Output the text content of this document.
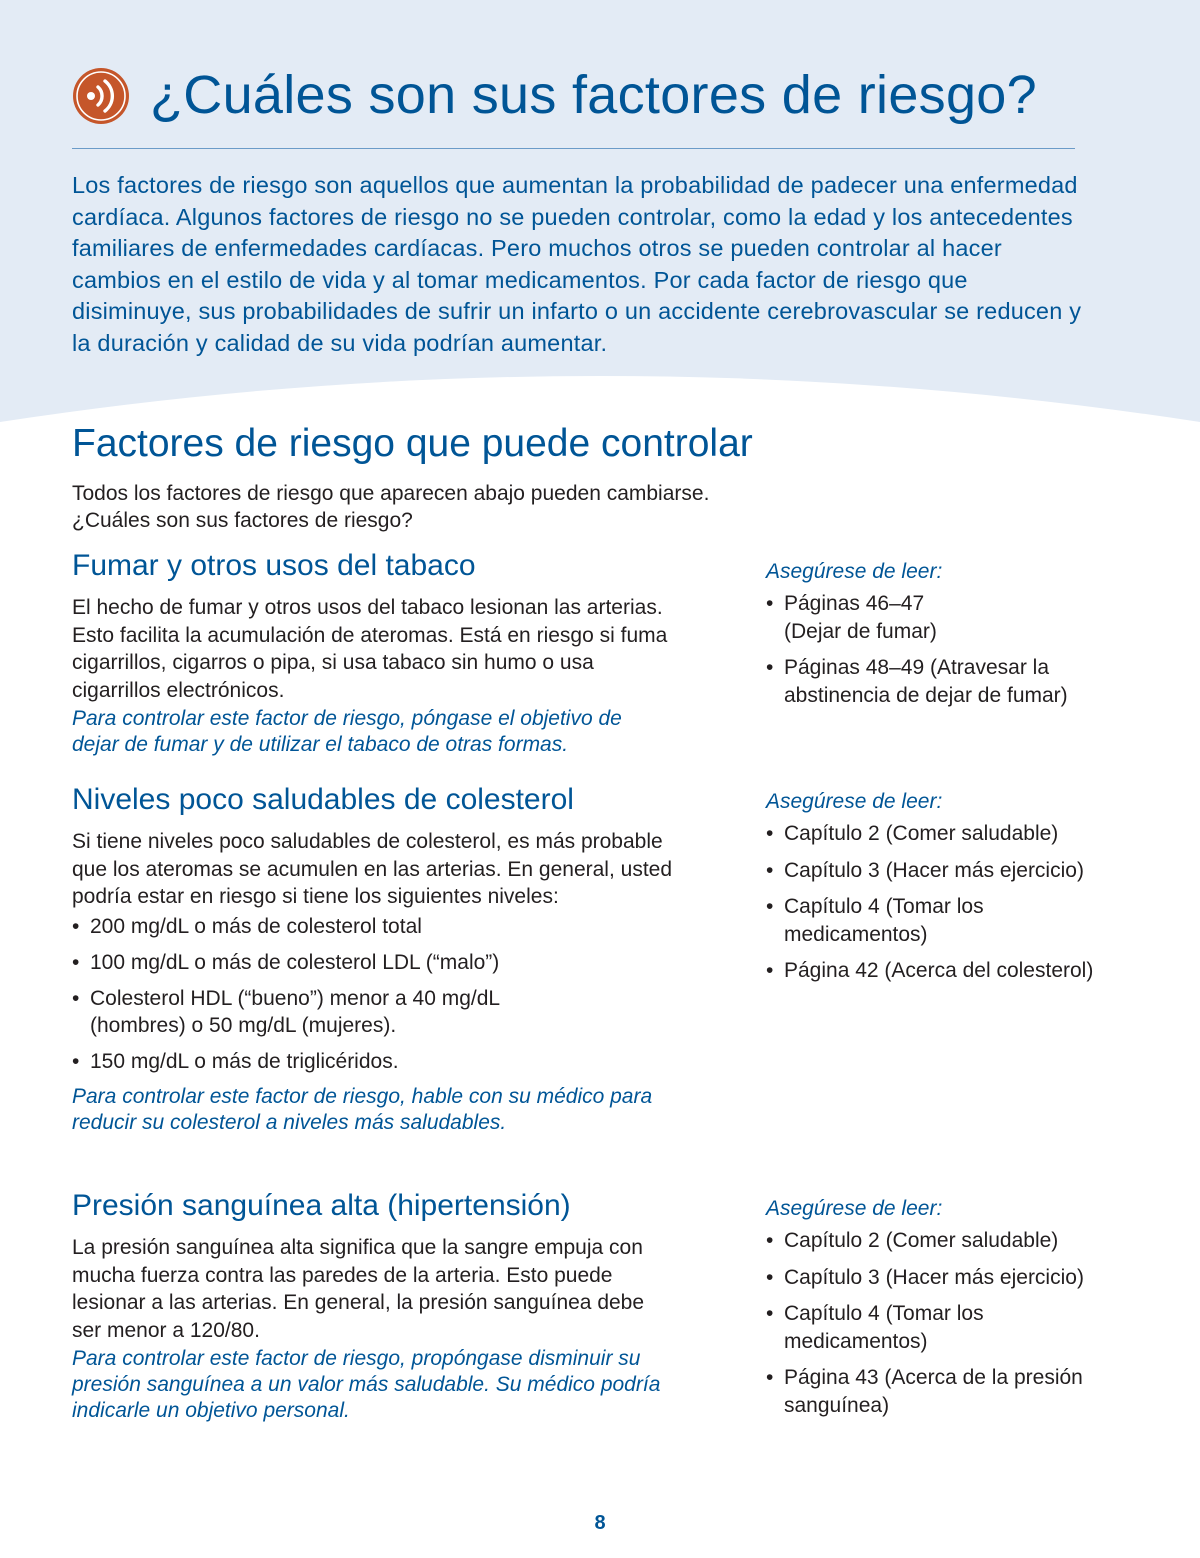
¿Cuáles son sus factores de riesgo?

Los factores de riesgo son aquellos que aumentan la probabilidad de padecer una enfermedad cardíaca. Algunos factores de riesgo no se pueden controlar, como la edad y los antecedentes familiares de enfermedades cardíacas. Pero muchos otros se pueden controlar al hacer cambios en el estilo de vida y al tomar medicamentos. Por cada factor de riesgo que disiminuye, sus probabilidades de sufrir un infarto o un accidente cerebrovascular se reducen y la duración y calidad de su vida podrían aumentar.

Factores de riesgo que puede controlar

Todos los factores de riesgo que aparecen abajo pueden cambiarse.
¿Cuáles son sus factores de riesgo?

Fumar y otros usos del tabaco

El hecho de fumar y otros usos del tabaco lesionan las arterias. Esto facilita la acumulación de ateromas. Está en riesgo si fuma cigarrillos, cigarros o pipa, si usa tabaco sin humo o usa cigarrillos electrónicos.

Para controlar este factor de riesgo, póngase el objetivo de dejar de fumar y de utilizar el tabaco de otras formas.

Asegúrese de leer:

• Páginas 46–47 (Dejar de fumar)
• Páginas 48–49 (Atravesar la abstinencia de dejar de fumar)
Niveles poco saludables de colesterol

Si tiene niveles poco saludables de colesterol, es más probable que los ateromas se acumulen en las arterias. En general, usted podría estar en riesgo si tiene los siguientes niveles:

• 200 mg/dL o más de colesterol total
• 100 mg/dL o más de colesterol LDL (“malo”)
• Colesterol HDL (“bueno”) menor a 40 mg/dL (hombres) o 50 mg/dL (mujeres).
• 150 mg/dL o más de triglicéridos.

Para controlar este factor de riesgo, hable con su médico para reducir su colesterol a niveles más saludables.

Asegúrese de leer:

• Capítulo 2 (Comer saludable)
• Capítulo 3 (Hacer más ejercicio)
• Capítulo 4 (Tomar los medicamentos)
• Página 42 (Acerca del colesterol)
Presión sanguínea alta (hipertensión)

La presión sanguínea alta significa que la sangre empuja con mucha fuerza contra las paredes de la arteria. Esto puede lesionar a las arterias. En general, la presión sanguínea debe ser menor a 120/80.

Para controlar este factor de riesgo, propóngase disminuir su presión sanguínea a un valor más saludable. Su médico podría indicarle un objetivo personal.

Asegúrese de leer:

• Capítulo 2 (Comer saludable)
• Capítulo 3 (Hacer más ejercicio)
• Capítulo 4 (Tomar los medicamentos)
• Página 43 (Acerca de la presión sanguínea)
8
